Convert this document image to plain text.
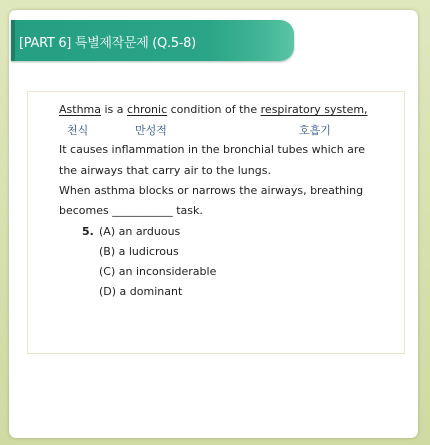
[PART 6] 특별제작문제 (Q.5-8)
Asthma is a chronic condition of the respiratory system,
천식	만성적	호흡기
It causes inflammation in the bronchial tubes which are
the airways that carry air to the lungs.
When asthma blocks or narrows the airways, breathing
becomes ___________ task.
5. (A) an arduous
(B) a ludicrous
(C) an inconsiderable
(D) a dominant
